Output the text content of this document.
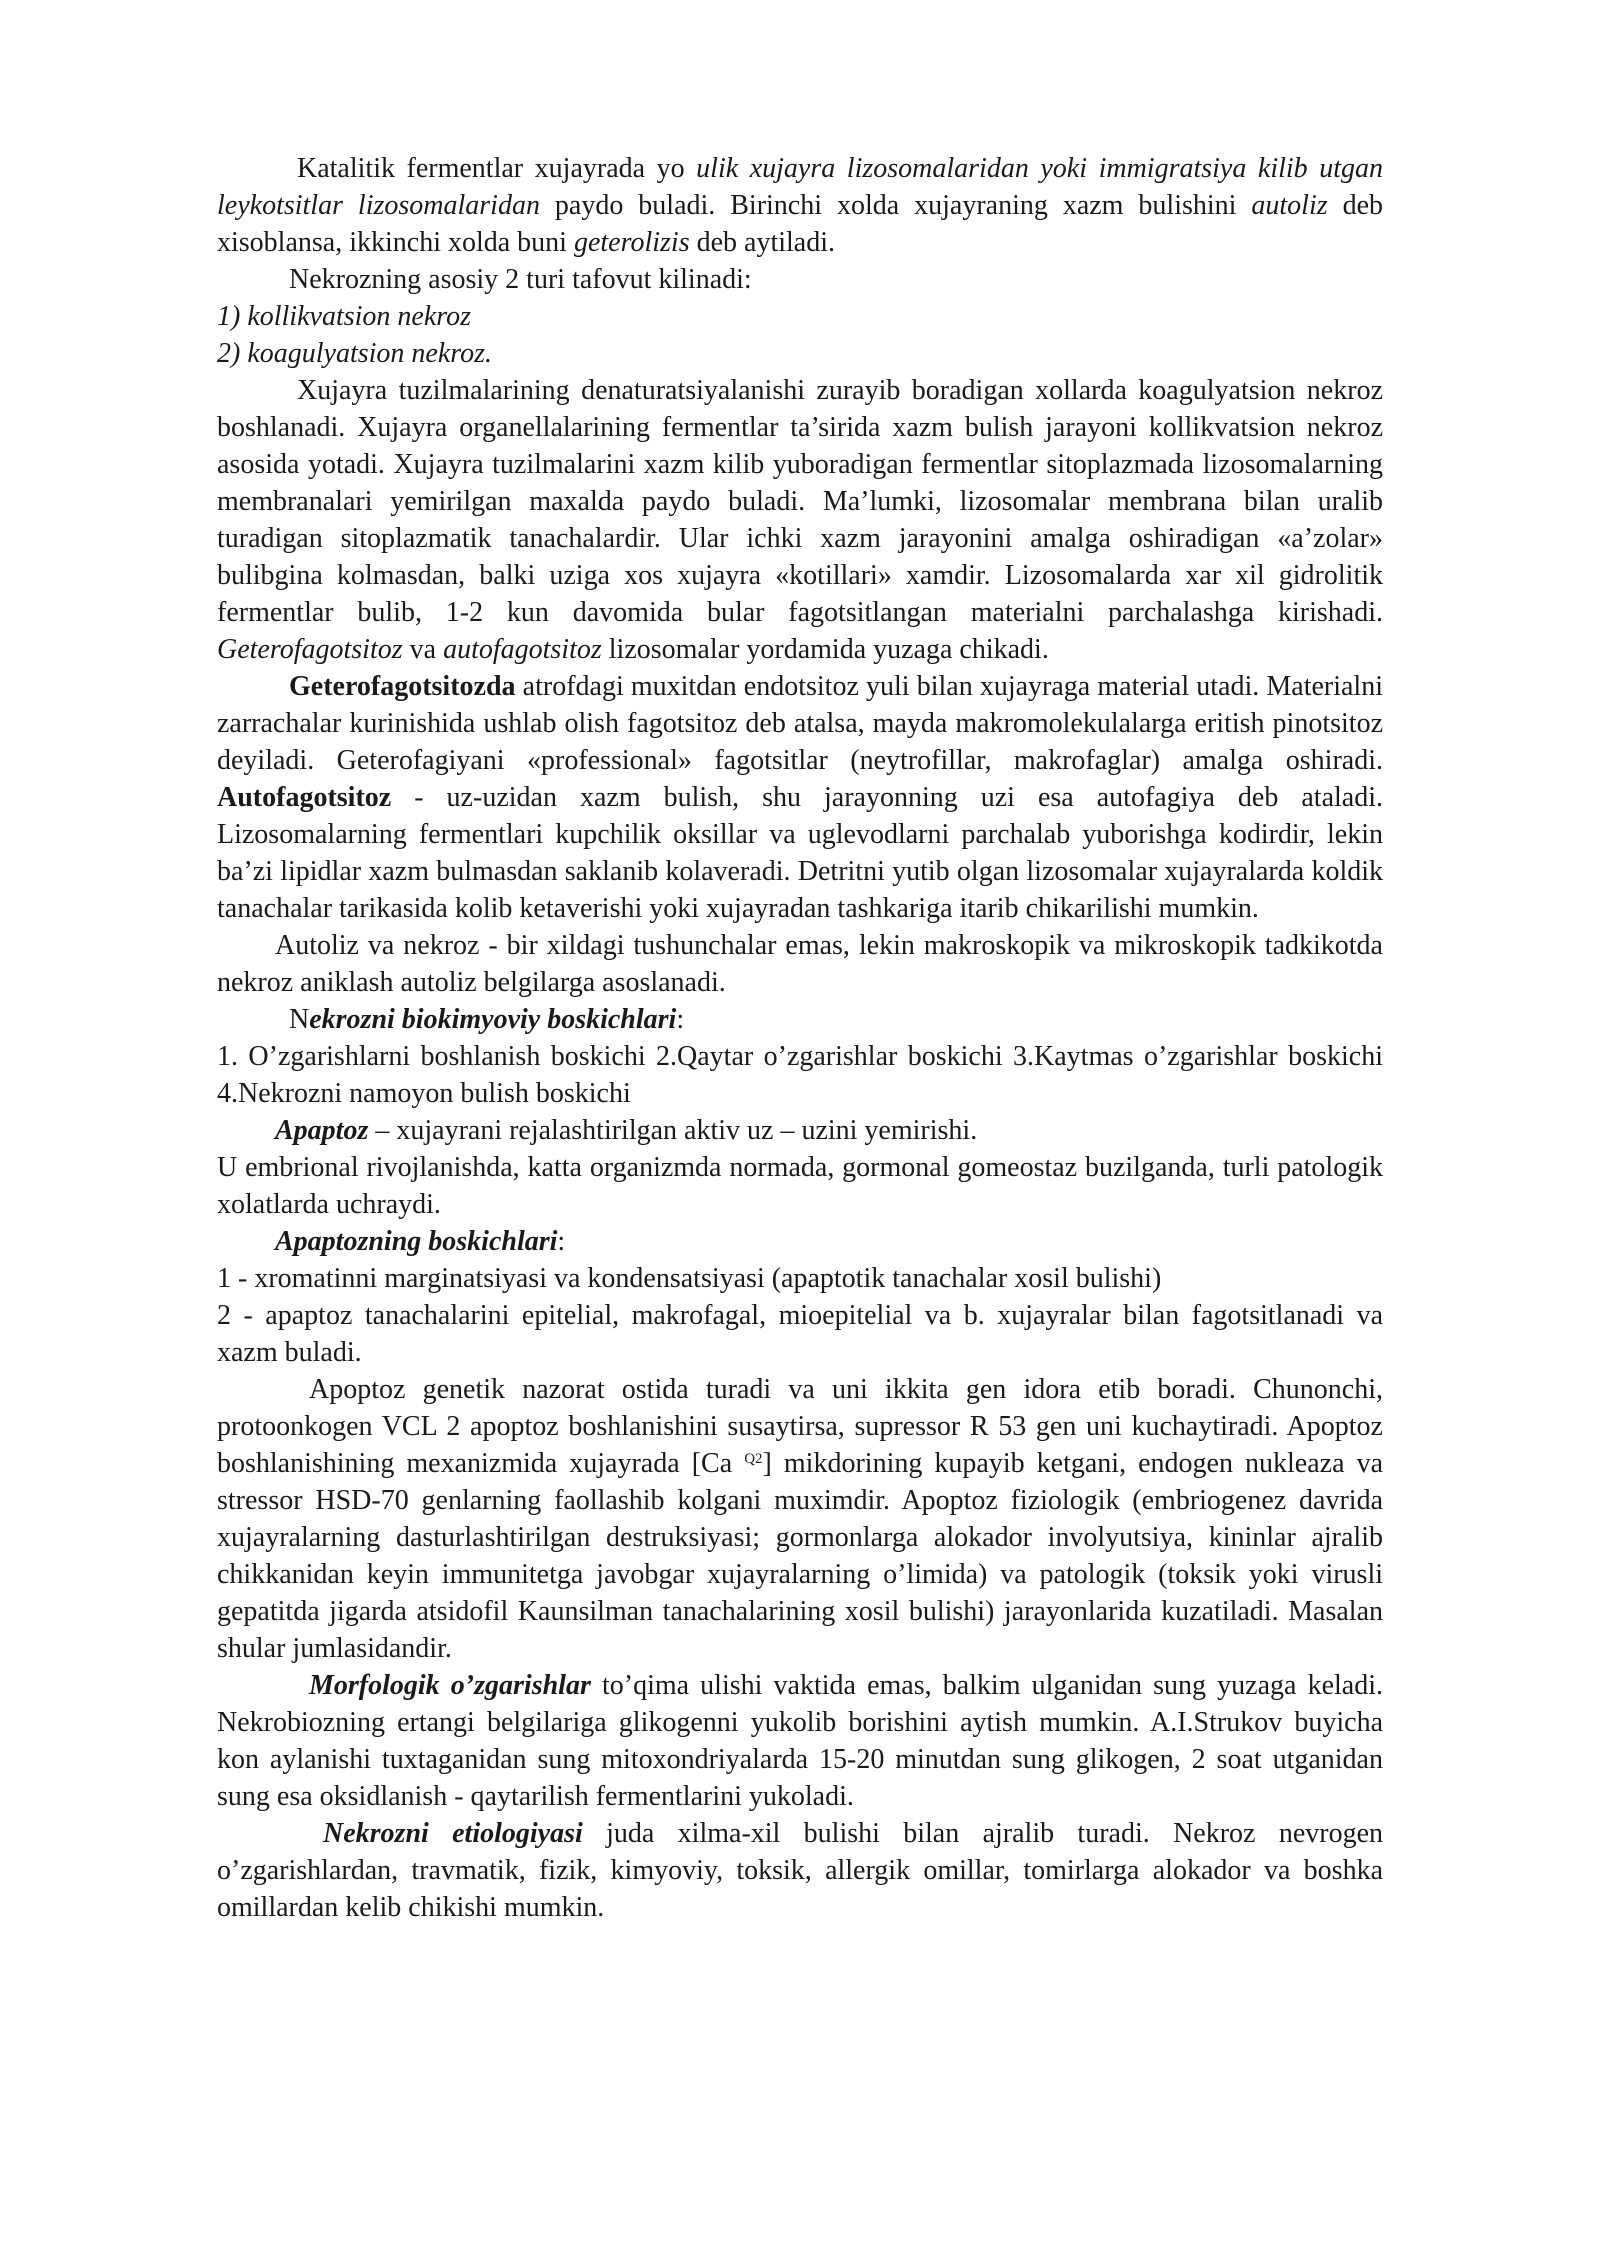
Katalitik fermentlar xujayrada yo ulik xujayra lizosomalaridan yoki immigratsiya kilib utgan leykotsitlar lizosomalaridan paydo buladi. Birinchi xolda xujayraning xazm bulishini autoliz deb xisoblansa, ikkinchi xolda buni geterolizis deb aytiladi.

Nekrozning asosiy 2 turi tafovut kilinadi:

1) kollikvatsion nekroz

2) koagulyatsion nekroz.

Xujayra tuzilmalarining denaturatsiyalanishi zurayib boradigan xollarda koagulyatsion nekroz boshlanadi. Xujayra organellalarining fermentlar ta’sirida xazm bulish jarayoni kollikvatsion nekroz asosida yotadi. Xujayra tuzilmalarini xazm kilib yuboradigan fermentlar sitoplazmada lizosomalarning membranalari yemirilgan maxalda paydo buladi. Ma’lumki, lizosomalar membrana bilan uralib turadigan sitoplazmatik tanachalardir. Ular ichki xazm jarayonini amalga oshiradigan «a’zolar» bulibgina kolmasdan, balki uziga xos xujayra «kotillari» xamdir. Lizosomalarda xar xil gidrolitik fermentlar bulib, 1-2 kun davomida bular fagotsitlangan materialni parchalashga kirishadi. Geterofagotsitoz va autofagotsitoz lizosomalar yordamida yuzaga chikadi.

Geterofagotsitozda atrofdagi muxitdan endotsitoz yuli bilan xujayraga material utadi. Materialni zarrachalar kurinishida ushlab olish fagotsitoz deb atalsa, mayda makromolekulalarga eritish pinotsitoz deyiladi. Geterofagiyani «professional» fagotsitlar (neytrofillar, makrofaglar) amalga oshiradi. Autofagotsitoz - uz-uzidan xazm bulish, shu jarayonning uzi esa autofagiya deb ataladi. Lizosomalarning fermentlari kupchilik oksillar va uglevodlarni parchalab yuborishga kodirdir, lekin ba’zi lipidlar xazm bulmasdan saklanib kolaveradi. Detritni yutib olgan lizosomalar xujayralarda koldik tanachalar tarikasida kolib ketaverishi yoki xujayradan tashkariga itarib chikarilishi mumkin.

Autoliz va nekroz - bir xildagi tushunchalar emas, lekin makroskopik va mikroskopik tadkikotda nekroz aniklash autoliz belgilarga asoslanadi.

Nekrozni biokimyoviy boskichlari:

1. O’zgarishlarni boshlanish boskichi 2.Qaytar o’zgarishlar boskichi 3.Kaytmas o’zgarishlar boskichi 4.Nekrozni namoyon bulish boskichi

Apaptoz – xujayrani rejalashtirilgan aktiv uz – uzini yemirishi.

U embrional rivojlanishda, katta organizmda normada, gormonal gomeostaz buzilganda, turli patologik xolatlarda uchraydi.

Apaptozning boskichlari:

1 - xromatinni marginatsiyasi va kondensatsiyasi (apaptotik tanachalar xosil bulishi)

2 - apaptoz tanachalarini epitelial, makrofagal, mioepitelial va b. xujayralar bilan fagotsitlanadi va xazm buladi.

Apoptoz genetik nazorat ostida turadi va uni ikkita gen idora etib boradi. Chunonchi, protoonkogen VCL 2 apoptoz boshlanishini susaytirsa, supressor R 53 gen uni kuchaytiradi. Apoptoz boshlanishining mexanizmida xujayrada [Ca $^{Q2}$] mikdorining kupayib ketgani, endogen nukleaza va stressor HSD-70 genlarning faollashib kolgani muximdir. Apoptoz fiziologik (embriogenez davrida xujayralarning dasturlashtirilgan destruksiyasi; gormonlarga alokador involyutsiya, kininlar ajralib chikkanidan keyin immunitetga javobgar xujayralarning o’limida) va patologik (toksik yoki virusli gepatitda jigarda atsidofil Kaunsilman tanachalarining xosil bulishi) jarayonlarida kuzatiladi. Masalan shular jumlasidandir.

Morfologik o’zgarishlar to’qima ulishi vaktida emas, balkim ulganidan sung yuzaga keladi. Nekrobiozning ertangi belgilariga glikogenni yukolib borishini aytish mumkin. A.I.Strukov buyicha kon aylanishi tuxtaganidan sung mitoxondriyalarda 15-20 minutdan sung glikogen, 2 soat utganidan sung esa oksidlanish - qaytarilish fermentlarini yukoladi.

Nekrozni etiologiyasi juda xilma-xil bulishi bilan ajralib turadi. Nekroz nevrogen o’zgarishlardan, travmatik, fizik, kimyoviy, toksik, allergik omillar, tomirlarga alokador va boshka omillardan kelib chikishi mumkin.
